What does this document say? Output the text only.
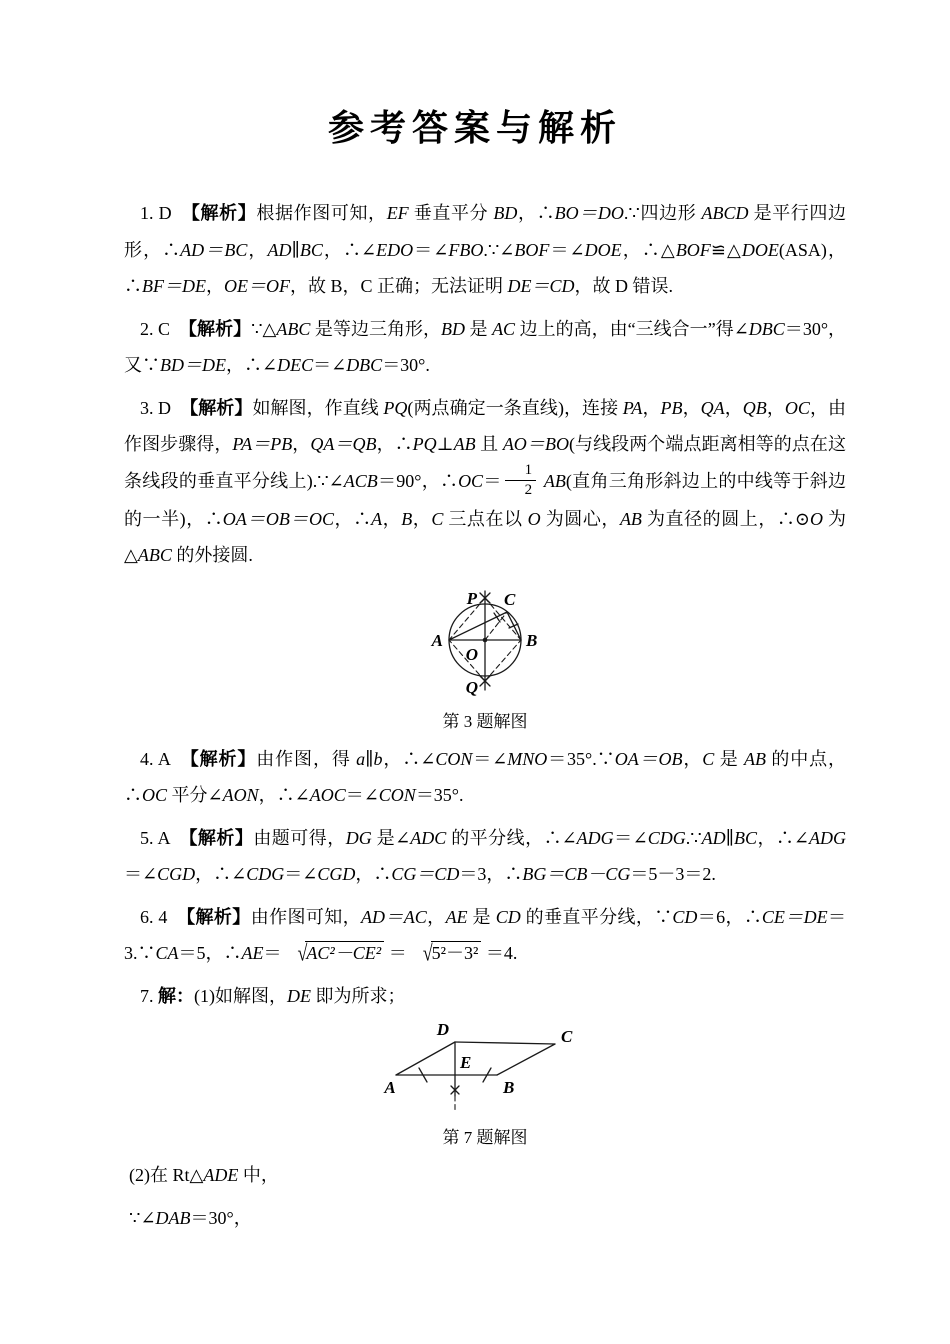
参考答案与解析

1. D　【解析】根据作图可知，EF 垂直平分 BD，∴BO＝DO.∵四边形 ABCD 是平行四边形，∴AD＝BC，AD∥BC，∴∠EDO＝∠FBO.∵∠BOF＝∠DOE，∴△BOF≌△DOE(ASA)，∴BF＝DE，OE＝OF，故 B，C 正确；无法证明 DE＝CD，故 D 错误.

2. C　【解析】∵△ABC 是等边三角形，BD 是 AC 边上的高，由“三线合一”得∠DBC＝30°，又∵BD＝DE，∴∠DEC＝∠DBC＝30°.

3. D　【解析】如解图，作直线 PQ(两点确定一条直线)，连接 PA，PB，QA，QB，OC，由作图步骤得，PA＝PB，QA＝QB，∴PQ⊥AB 且 AO＝BO(与线段两个端点距离相等的点在这条线段的垂直平分线上).∵∠ACB＝90°，∴OC＝ $\frac{1}{2} AB$(直角三角形斜边上的中线等于斜边的一半)，∴OA＝OB＝OC，∴A，B，C 三点在以 O 为圆心，AB 为直径的圆上，∴⊙O 为△ABC 的外接圆.

P C
A	B
O
Q
第 3 题解图

4. A　【解析】由作图，得 a∥b，∴∠CON＝∠MNO＝35°.∵OA＝OB，C 是 AB 的中点，∴OC 平分∠AON，∴∠AOC＝∠CON＝35°.

5. A　【解析】由题可得，DG 是∠ADC 的平分线，∴∠ADG＝∠CDG.∵AD∥BC，∴∠ADG＝∠CGD，∴∠CDG＝∠CGD，∴CG＝CD＝3，∴BG＝CB－CG＝5－3＝2.

6. 4　【解析】由作图可知，AD＝AC，AE 是 CD 的垂直平分线，∵CD＝6，∴CE＝DE＝3.∵CA＝5，∴AE＝ √AC²－CE² ＝ √5²－3² ＝4.

7. 解：(1)如解图，DE 即为所求；

D	C
A	B
E
第 7 题解图

(2)在 Rt△ADE 中，

∵∠DAB＝30°，
